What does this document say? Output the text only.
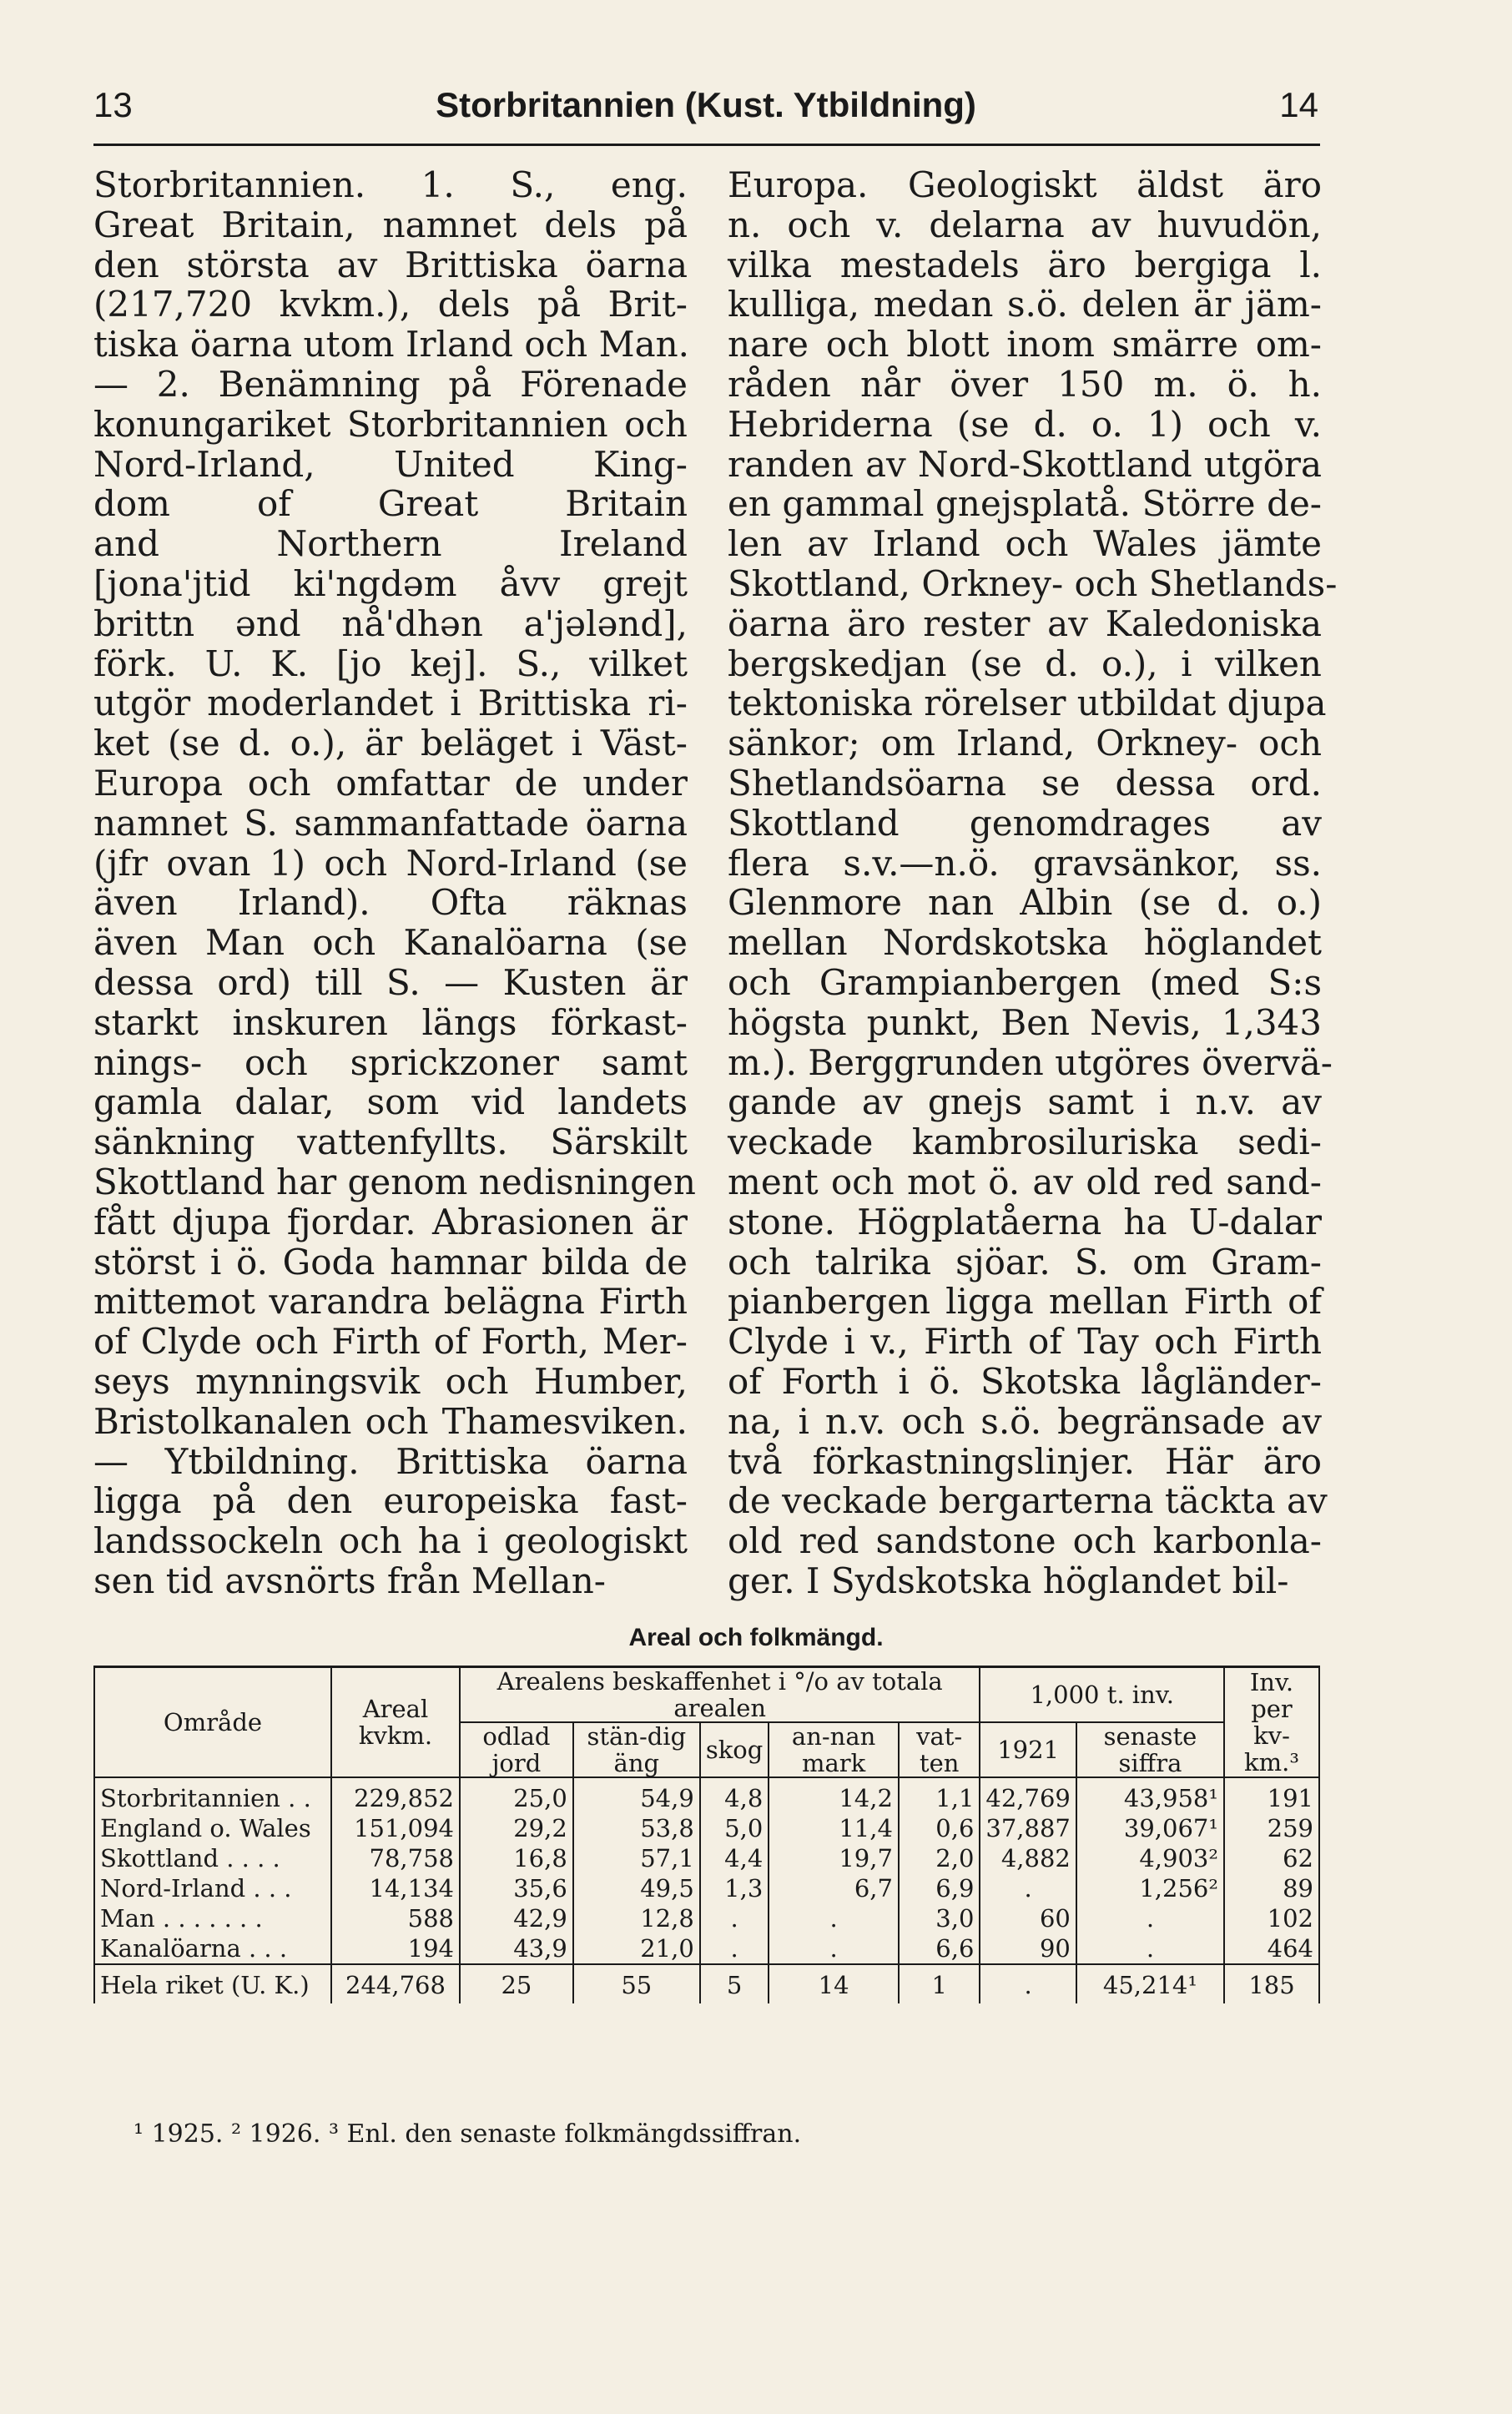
13	Storbritannien (Kust. Ytbildning)	14
Storbritannien. 1. S., eng.
Great Britain, namnet dels på
den största av Brittiska öarna
(217,720 kvkm.), dels på Brit-
tiska öarna utom Irland och Man.
— 2. Benämning på Förenade
konungariket Storbritannien och
Nord-Irland, United King-
dom of Great Britain
and Northern Ireland
[jona'jtid ki'ngdəm åvv grejt
brittn ənd nå'dhən a'jələnd],
förk. U. K. [jo kej]. S., vilket
utgör moderlandet i Brittiska ri-
ket (se d. o.), är beläget i Väst-
Europa och omfattar de under
namnet S. sammanfattade öarna
(jfr ovan 1) och Nord-Irland (se
även Irland). Ofta räknas
även Man och Kanalöarna (se
dessa ord) till S. — Kusten är
starkt inskuren längs förkast-
nings- och sprickzoner samt
gamla dalar, som vid landets
sänkning vattenfyllts. Särskilt
Skottland har genom nedisningen
fått djupa fjordar. Abrasionen är
störst i ö. Goda hamnar bilda de
mittemot varandra belägna Firth
of Clyde och Firth of Forth, Mer-
seys mynningsvik och Humber,
Bristolkanalen och Thamesviken.
— Ytbildning. Brittiska öarna
ligga på den europeiska fast-
landssockeln och ha i geologiskt
sen tid avsnörts från Mellan-
Europa. Geologiskt äldst äro
n. och v. delarna av huvudön,
vilka mestadels äro bergiga l.
kulliga, medan s.ö. delen är jäm-
nare och blott inom smärre om-
råden når över 150 m. ö. h.
Hebriderna (se d. o. 1) och v.
randen av Nord-Skottland utgöra
en gammal gnejsplatå. Större de-
len av Irland och Wales jämte
Skottland, Orkney- och Shetlands-
öarna äro rester av Kaledoniska
bergskedjan (se d. o.), i vilken
tektoniska rörelser utbildat djupa
sänkor; om Irland, Orkney- och
Shetlandsöarna se dessa ord.
Skottland genomdrages av
flera s.v.—n.ö. gravsänkor, ss.
Glenmore nan Albin (se d. o.)
mellan Nordskotska höglandet
och Grampianbergen (med S:s
högsta punkt, Ben Nevis, 1,343
m.). Berggrunden utgöres övervä-
gande av gnejs samt i n.v. av
veckade kambrosiluriska sedi-
ment och mot ö. av old red sand-
stone. Högplatåerna ha U-dalar
och talrika sjöar. S. om Gram-
pianbergen ligga mellan Firth of
Clyde i v., Firth of Tay och Firth
of Forth i ö. Skotska lågländer-
na, i n.v. och s.ö. begränsade av
två förkastningslinjer. Här äro
de veckade bergarterna täckta av
old red sandstone och karbonla-
ger. I Sydskotska höglandet bil-
Areal och folkmängd.
Område	Areal kvkm.	Arealens beskaffenhet i °/o av totala arealen					1,000 t. inv.		Inv. per kv-km.³
		odlad jord	stän-dig äng	skog	an-nan mark	vat-ten	1921	senaste siffra	
Storbritannien . .	229,852	25,0	54,9	4,8	14,2	1,1	42,769	43,958¹	191
England o. Wales	151,094	29,2	53,8	5,0	11,4	0,6	37,887	39,067¹	259
Skottland . . . .	78,758	16,8	57,1	4,4	19,7	2,0	4,882	4,903²	62
Nord-Irland . . .	14,134	35,6	49,5	1,3	6,7	6,9	.	1,256²	89
Man . . . . . . .	588	42,9	12,8	.	.	3,0	60	.	102
Kanalöarna . . .	194	43,9	21,0	.	.	6,6	90	.	464
Hela riket (U. K.)	244,768	25	55	5	14	1	.	45,214¹	185
¹ 1925. ² 1926. ³ Enl. den senaste folkmängdssiffran.
